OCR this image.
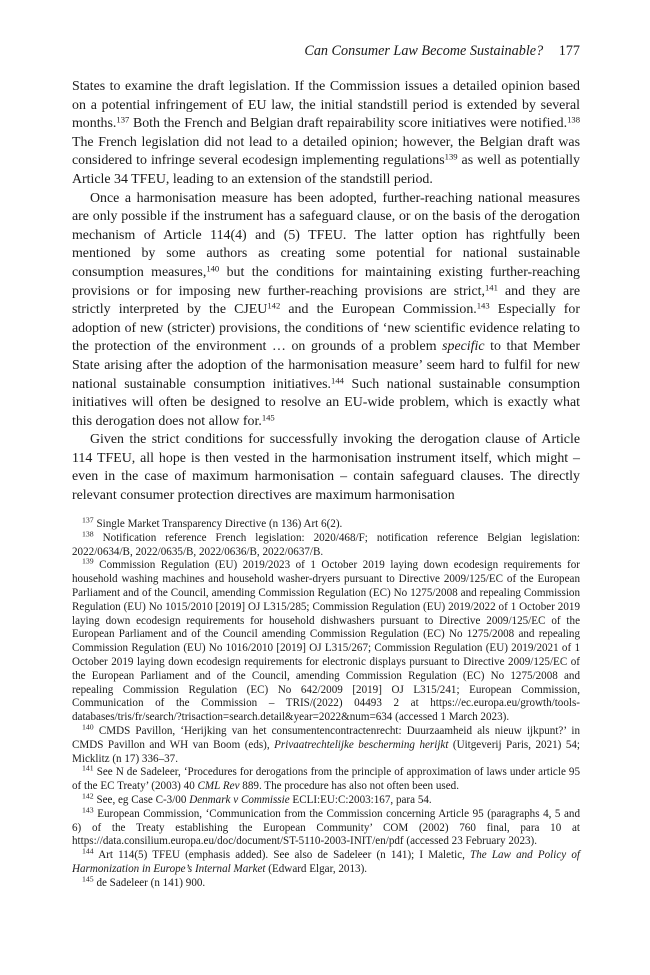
Can Consumer Law Become Sustainable? 177

States to examine the draft legislation. If the Commission issues a detailed opinion based on a potential infringement of EU law, the initial standstill period is extended by several months.$^{137}$ Both the French and Belgian draft repairability score initiatives were notified.$^{138}$ The French legislation did not lead to a detailed opinion; however, the Belgian draft was considered to infringe several ecodesign implementing regulations$^{139}$ as well as potentially Article 34 TFEU, leading to an extension of the standstill period.

Once a harmonisation measure has been adopted, further-reaching national measures are only possible if the instrument has a safeguard clause, or on the basis of the derogation mechanism of Article 114(4) and (5) TFEU. The latter option has rightfully been mentioned by some authors as creating some potential for national sustainable consumption measures,$^{140}$ but the conditions for maintaining existing further-reaching provisions or for imposing new further-reaching provisions are strict,$^{141}$ and they are strictly interpreted by the CJEU$^{142}$ and the European Commission.$^{143}$ Especially for adoption of new (stricter) provisions, the conditions of ‘new scientific evidence relating to the protection of the environment … on grounds of a problem specific to that Member State arising after the adoption of the harmonisation measure’ seem hard to fulfil for new national sustainable consumption initiatives.$^{144}$ Such national sustainable consumption initiatives will often be designed to resolve an EU-wide problem, which is exactly what this derogation does not allow for.$^{145}$

Given the strict conditions for successfully invoking the derogation clause of Article 114 TFEU, all hope is then vested in the harmonisation instrument itself, which might – even in the case of maximum harmonisation – contain safeguard clauses. The directly relevant consumer protection directives are maximum harmonisation

$^{137}$ Single Market Transparency Directive (n 136) Art 6(2).

$^{138}$ Notification reference French legislation: 2020/468/F; notification reference Belgian legislation: 2022/0634/B, 2022/0635/B, 2022/0636/B, 2022/0637/B.

$^{139}$ Commission Regulation (EU) 2019/2023 of 1 October 2019 laying down ecodesign requirements for household washing machines and household washer-dryers pursuant to Directive 2009/125/EC of the European Parliament and of the Council, amending Commission Regulation (EC) No 1275/2008 and repealing Commission Regulation (EU) No 1015/2010 [2019] OJ L315/285; Commission Regulation (EU) 2019/2022 of 1 October 2019 laying down ecodesign requirements for household dishwashers pursuant to Directive 2009/125/EC of the European Parliament and of the Council amending Commission Regulation (EC) No 1275/2008 and repealing Commission Regulation (EU) No 1016/2010 [2019] OJ L315/267; Commission Regulation (EU) 2019/2021 of 1 October 2019 laying down ecodesign requirements for electronic displays pursuant to Directive 2009/125/EC of the European Parliament and of the Council, amending Commission Regulation (EC) No 1275/2008 and repealing Commission Regulation (EC) No 642/2009 [2019] OJ L315/241; European Commission, Communication of the Commission – TRIS/(2022) 04493 2 at https://ec.europa.eu/growth/tools-databases/tris/fr/search/?trisaction=search.detail&year=2022&num=634 (accessed 1 March 2023).

$^{140}$ CMDS Pavillon, ‘Herijking van het consumentencontractenrecht: Duurzaamheid als nieuw ijkpunt?’ in CMDS Pavillon and WH van Boom (eds), Privaatrechtelijke bescherming herijkt (Uitgeverij Paris, 2021) 54; Micklitz (n 17) 336–37.

$^{141}$ See N de Sadeleer, ‘Procedures for derogations from the principle of approximation of laws under article 95 of the EC Treaty’ (2003) 40 CML Rev 889. The procedure has also not often been used.

$^{142}$ See, eg Case C-3/00 Denmark v Commissie ECLI:EU:C:2003:167, para 54.

$^{143}$ European Commission, ‘Communication from the Commission concerning Article 95 (paragraphs 4, 5 and 6) of the Treaty establishing the European Community’ COM (2002) 760 final, para 10 at https://data.consilium.europa.eu/doc/document/ST-5110-2003-INIT/en/pdf (accessed 23 February 2023).

$^{144}$ Art 114(5) TFEU (emphasis added). See also de Sadeleer (n 141); I Maletic, The Law and Policy of Harmonization in Europe’s Internal Market (Edward Elgar, 2013).

$^{145}$ de Sadeleer (n 141) 900.
